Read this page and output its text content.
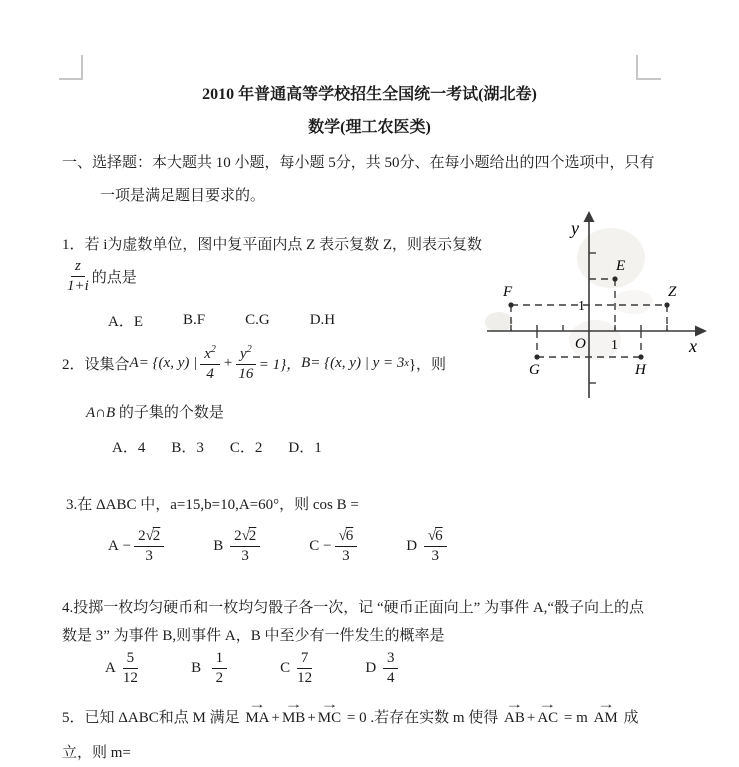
2010 年普通高等学校招生全国统一考试(湖北卷)
数学(理工农医类)
一、选择题：本大题共 10 小题，每小题 5分，共 50分、在每小题给出的四个选项中，只有
一项是满足题目要求的。
1．若 i为虚数单位，图中复平面内点 Z 表示复数 Z，则表示复数
$\frac{z}{1+i}$ 的点是
A．E	B.F	C.G	D.H
y
x
O 1
1
E
F	Z
G	H
2．设集合 A = {(x, y) | $\frac{x^2}{4} + \frac{y^2}{16} = 1$}， B = {(x, y) | y = 3 x }，则
A∩B 的子集的个数是
A．4 B．3 C．2 D．1
3.在 ΔABC 中，a=15,b=10,A=60°，则 cos B =
A
− $\frac{2√2}{3}$	B
$\frac{2√2}{3}$	C
− $\frac{√6}{3}$	D
$\frac{√6}{3}$
4.投掷一枚均匀硬币和一枚均匀骰子各一次，记 “硬币正面向上” 为事件 A,“骰子向上的点
数是 3” 为事件 B,则事件 A，B 中至少有一件发生的概率是
A
$\frac{5}{12}$	B
$\frac{1}{2}$	C
$\frac{7}{12}$	D
$\frac{3}{4}$
5．已知 ΔABC和点 M 满足
→
MA +
→
MB +
→
MC = 0 .若存在实数 m 使得
→
AB +
→
AC = m
→
AM 成
立，则 m=
